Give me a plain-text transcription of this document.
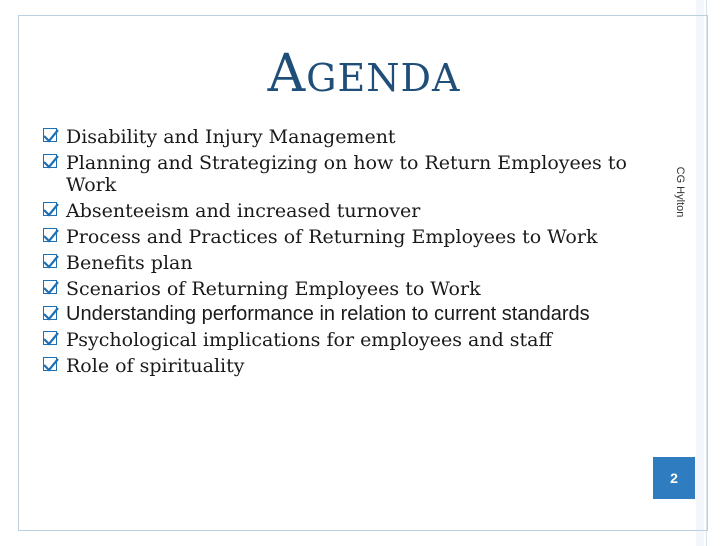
AGENDA
CG Hylton
Disability and Injury Management
Planning and Strategizing on how to Return Employees to Work
Absenteeism and increased turnover
Process and Practices of Returning Employees to Work
Benefits plan
Scenarios of Returning Employees to Work
Understanding performance in relation to current standards
Psychological implications for employees and staff
Role of spirituality
2
